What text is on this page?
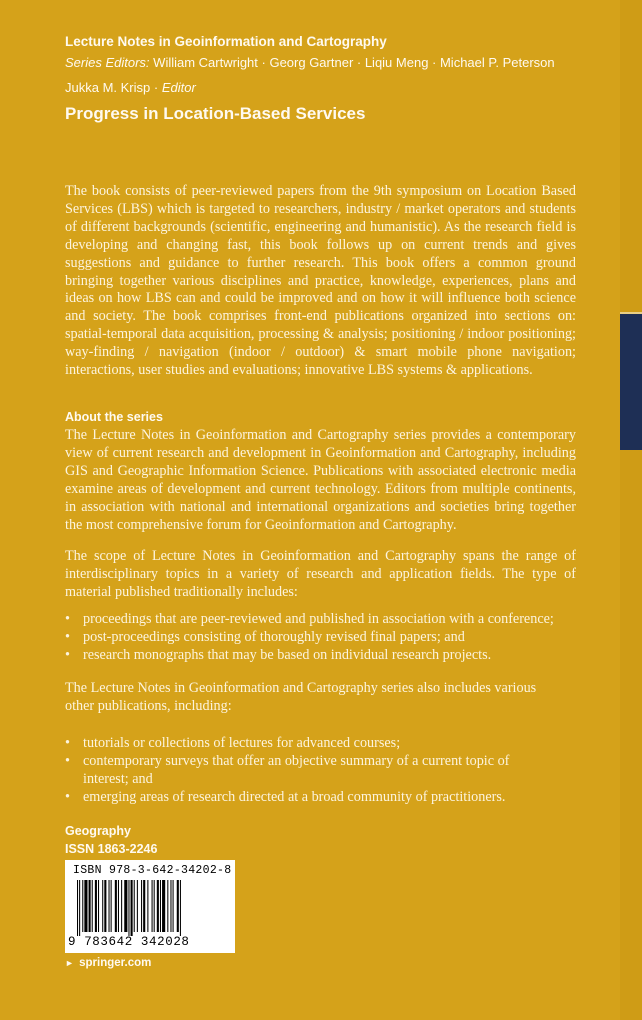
Lecture Notes in Geoinformation and Cartography
Series Editors: William Cartwright · Georg Gartner · Liqiu Meng · Michael P. Peterson
Jukka M. Krisp · Editor
Progress in Location-Based Services
The book consists of peer-reviewed papers from the 9th symposium on Location Based Services (LBS) which is targeted to researchers, industry / market operators and students of different backgrounds (scientific, engineering and humanistic). As the research field is developing and changing fast, this book follows up on current trends and gives suggestions and guidance to further research. This book offers a common ground bringing together various disciplines and practice, knowledge, experiences, plans and ideas on how LBS can and could be improved and on how it will influence both science and society. The book comprises front-end publications organized into sections on: spatial-temporal data acquisition, processing & analysis; positioning / indoor positioning; way-finding / navigation (indoor / outdoor) & smart mobile phone navigation; interactions, user studies and evaluations; innovative LBS systems & applications.
About the series
The Lecture Notes in Geoinformation and Cartography series provides a contemporary view of current research and development in Geoinformation and Cartography, including GIS and Geographic Information Science. Publications with associated electronic media examine areas of development and current technology. Editors from multiple continents, in association with national and international organizations and societies bring together the most comprehensive forum for Geoinformation and Cartography.
The scope of Lecture Notes in Geoinformation and Cartography spans the range of interdisciplinary topics in a variety of research and application fields. The type of material published traditionally includes:
• proceedings that are peer-reviewed and published in association with a conference;
• post-proceedings consisting of thoroughly revised final papers; and
• research monographs that may be based on individual research projects.
The Lecture Notes in Geoinformation and Cartography series also includes various other publications, including:
• tutorials or collections of lectures for advanced courses;
• contemporary surveys that offer an objective summary of a current topic of interest; and
• emerging areas of research directed at a broad community of practitioners.
Geography
ISSN 1863-2246
ISBN 978-3-642-34202-8
9 783642 342028
► springer.com
